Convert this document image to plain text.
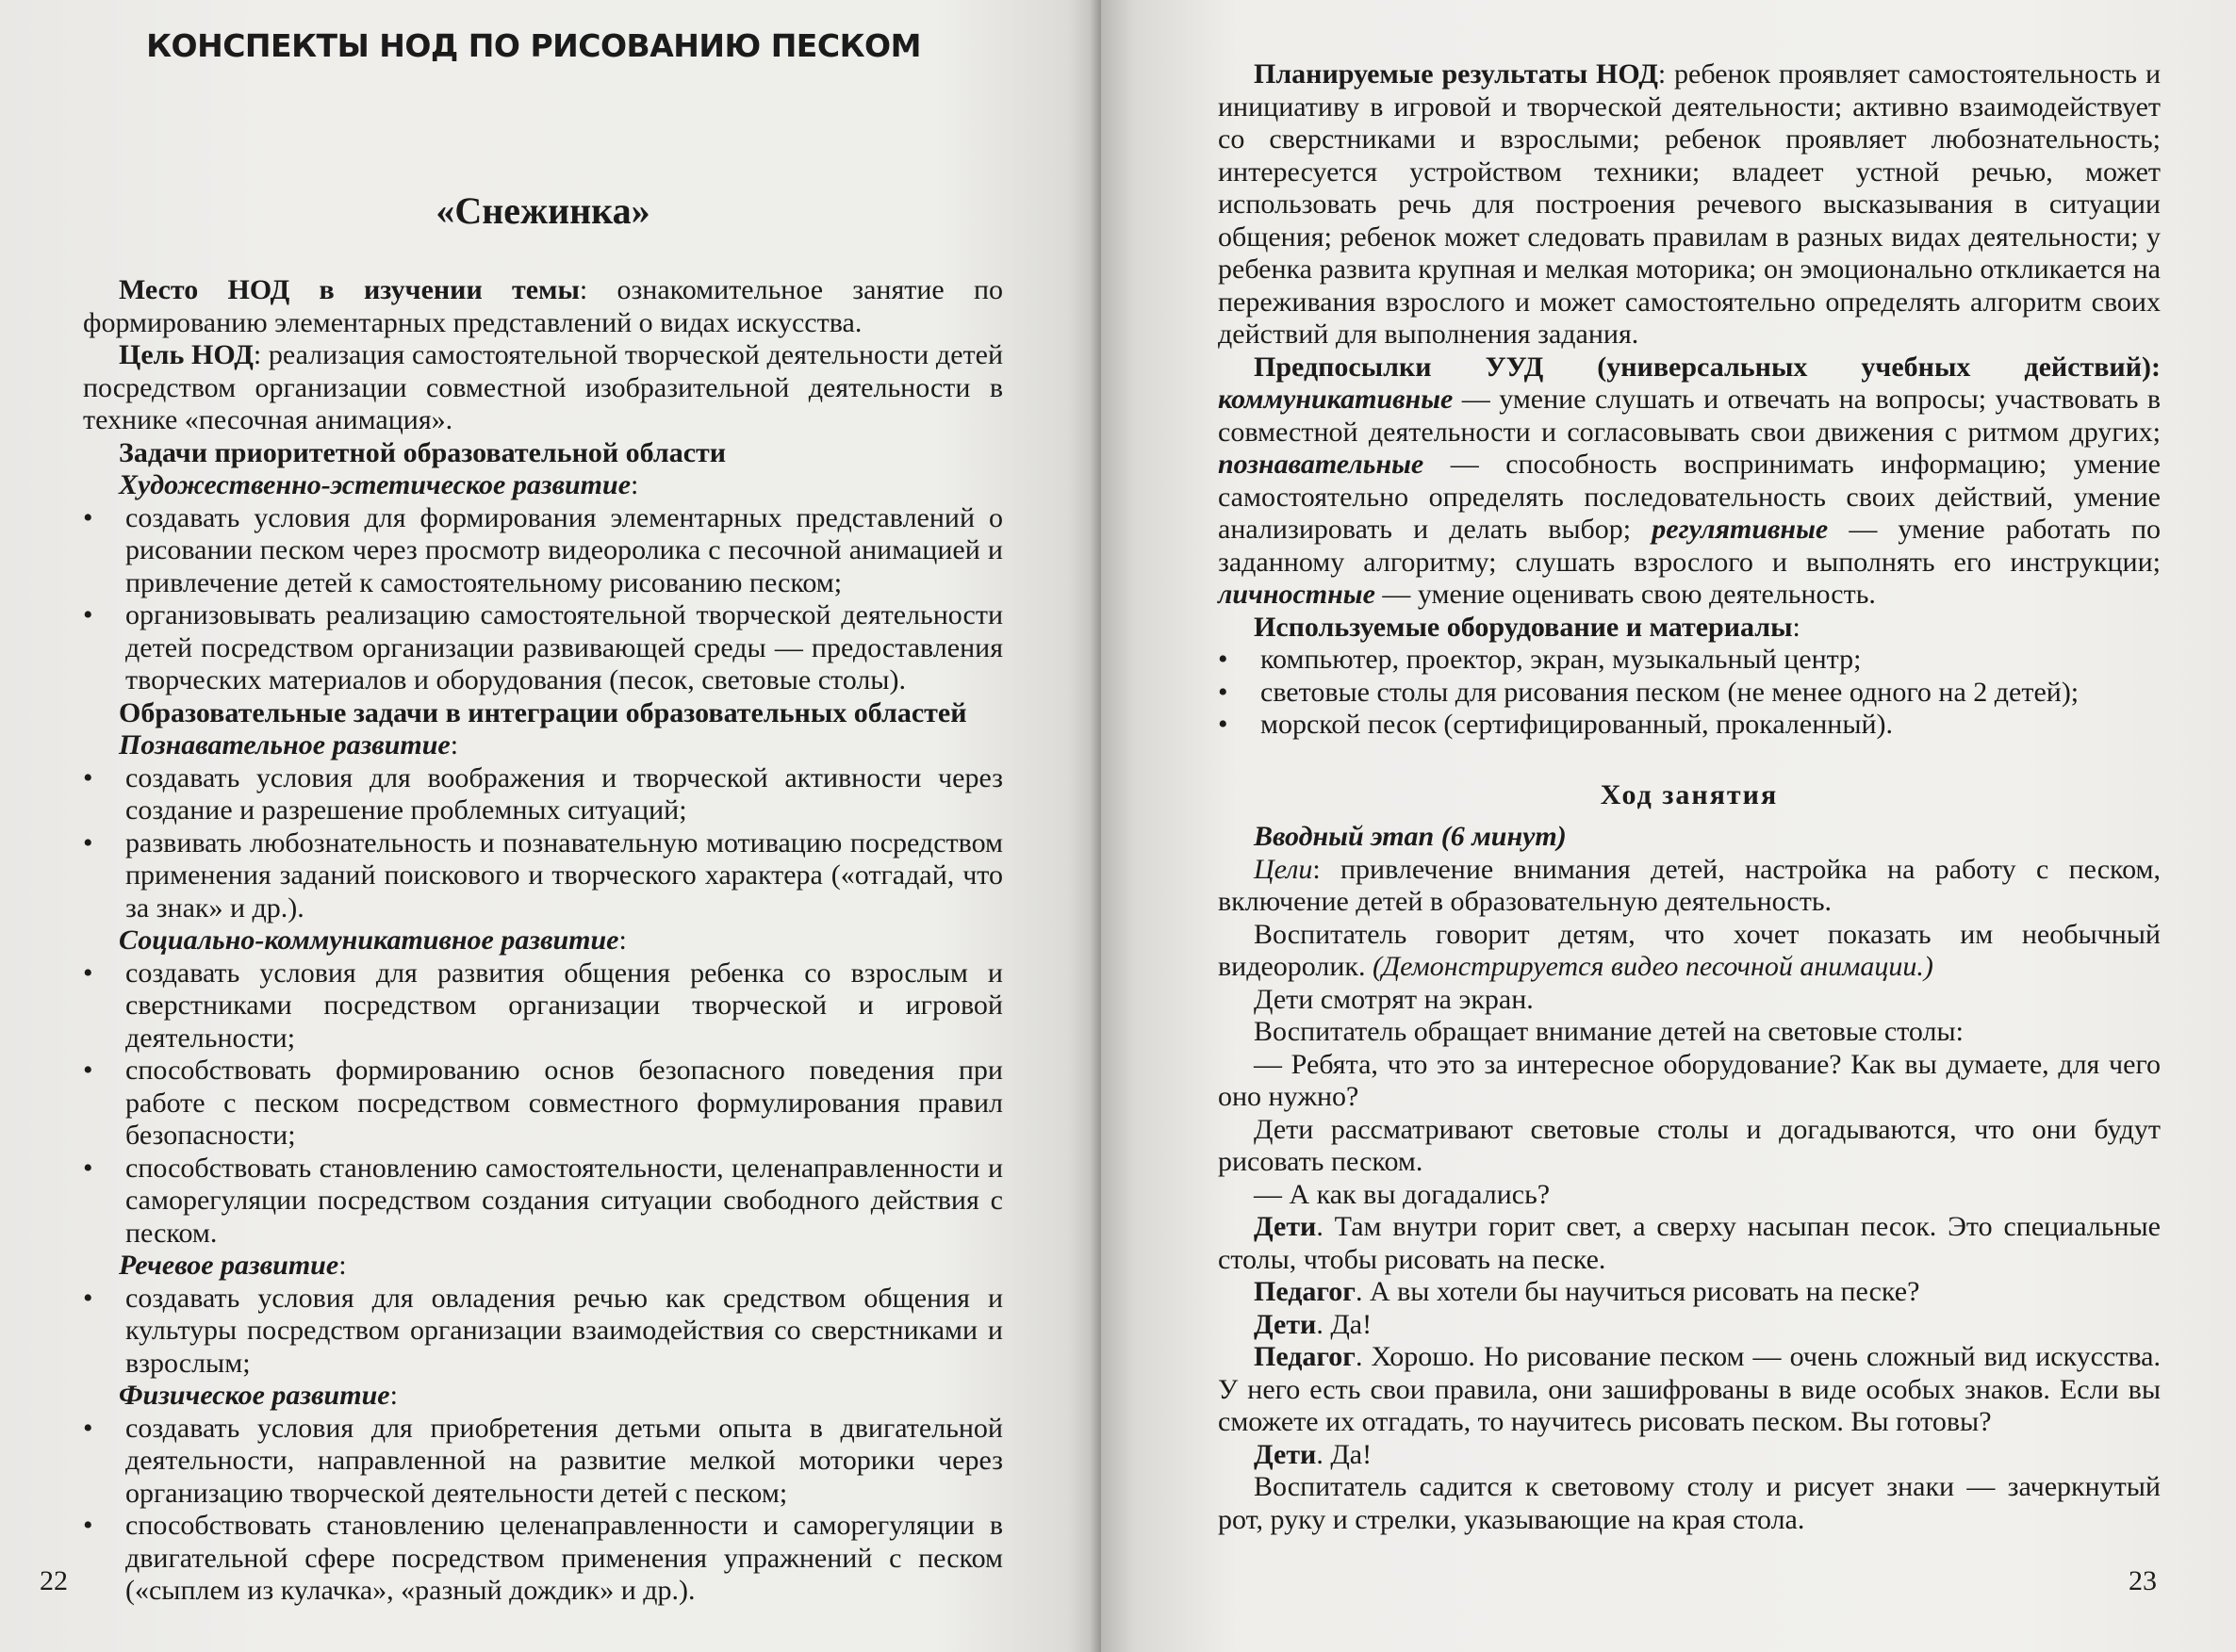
КОНСПЕКТЫ НОД ПО РИСОВАНИЮ ПЕСКОМ
«Снежинка»

Место НОД в изучении темы: ознакомительное занятие по формированию элементарных представлений о видах искусства.

Цель НОД: реализация самостоятельной творческой деятельности детей посредством организации совместной изобразительной деятельности в технике «песочная анимация».

Задачи приоритетной образовательной области

Художественно-эстетическое развитие:

•	создавать условия для формирования элементарных представлений о рисовании песком через просмотр видеоролика с песочной анимацией и привлечение детей к самостоятельному рисованию песком;
•	организовывать реализацию самостоятельной творческой деятельности детей посредством организации развивающей среды — предоставления творческих материалов и оборудования (песок, световые столы).

Образовательные задачи в интеграции образовательных областей

Познавательное развитие:

•	создавать условия для воображения и творческой активности через создание и разрешение проблемных ситуаций;
•	развивать любознательность и познавательную мотивацию посредством применения заданий поискового и творческого характера («отгадай, что за знак» и др.).

Социально-коммуникативное развитие:

•	создавать условия для развития общения ребенка со взрослым и сверстниками посредством организации творческой и игровой деятельности;
•	способствовать формированию основ безопасного поведения при работе с песком посредством совместного формулирования правил безопасности;
•	способствовать становлению самостоятельности, целенаправленности и саморегуляции посредством создания ситуации свободного действия с песком.

Речевое развитие:

•	создавать условия для овладения речью как средством общения и культуры посредством организации взаимодействия со сверстниками и взрослым;

Физическое развитие:

•	создавать условия для приобретения детьми опыта в двигательной деятельности, направленной на развитие мелкой моторики через организацию творческой деятельности детей с песком;
•	способствовать становлению целенаправленности и саморегуляции в двигательной сфере посредством применения упражнений с песком («сыплем из кулачка», «разный дождик» и др.).
22

Планируемые результаты НОД: ребенок проявляет самостоятельность и инициативу в игровой и творческой деятельности; активно взаимодействует со сверстниками и взрослыми; ребенок проявляет любознательность; интересуется устройством техники; владеет устной речью, может использовать речь для построения речевого высказывания в ситуации общения; ребенок может следовать правилам в разных видах деятельности; у ребенка развита крупная и мелкая моторика; он эмоционально откликается на переживания взрослого и может самостоятельно определять алгоритм своих действий для выполнения задания.

Предпосылки УУД (универсальных учебных действий): коммуникативные — умение слушать и отвечать на вопросы; участвовать в совместной деятельности и согласовывать свои движения с ритмом других; познавательные — способность воспринимать информацию; умение самостоятельно определять последовательность своих действий, умение анализировать и делать выбор; регулятивные — умение работать по заданному алгоритму; слушать взрослого и выполнять его инструкции; личностные — умение оценивать свою деятельность.

Используемые оборудование и материалы:

•	компьютер, проектор, экран, музыкальный центр;
•	световые столы для рисования песком (не менее одного на 2 детей);
•	морской песок (сертифицированный, прокаленный).
Ход занятия

Вводный этап (6 минут)

Цели: привлечение внимания детей, настройка на работу с песком, включение детей в образовательную деятельность.

Воспитатель говорит детям, что хочет показать им необычный видеоролик. (Демонстрируется видео песочной анимации.)

Дети смотрят на экран.

Воспитатель обращает внимание детей на световые столы:

— Ребята, что это за интересное оборудование? Как вы думаете, для чего оно нужно?

Дети рассматривают световые столы и догадываются, что они будут рисовать песком.

— А как вы догадались?

Дети. Там внутри горит свет, а сверху насыпан песок. Это специальные столы, чтобы рисовать на песке.

Педагог. А вы хотели бы научиться рисовать на песке?

Дети. Да!

Педагог. Хорошо. Но рисование песком — очень сложный вид искусства. У него есть свои правила, они зашифрованы в виде особых знаков. Если вы сможете их отгадать, то научитесь рисовать песком. Вы готовы?

Дети. Да!

Воспитатель садится к световому столу и рисует знаки — зачеркнутый рот, руку и стрелки, указывающие на края стола.

23
